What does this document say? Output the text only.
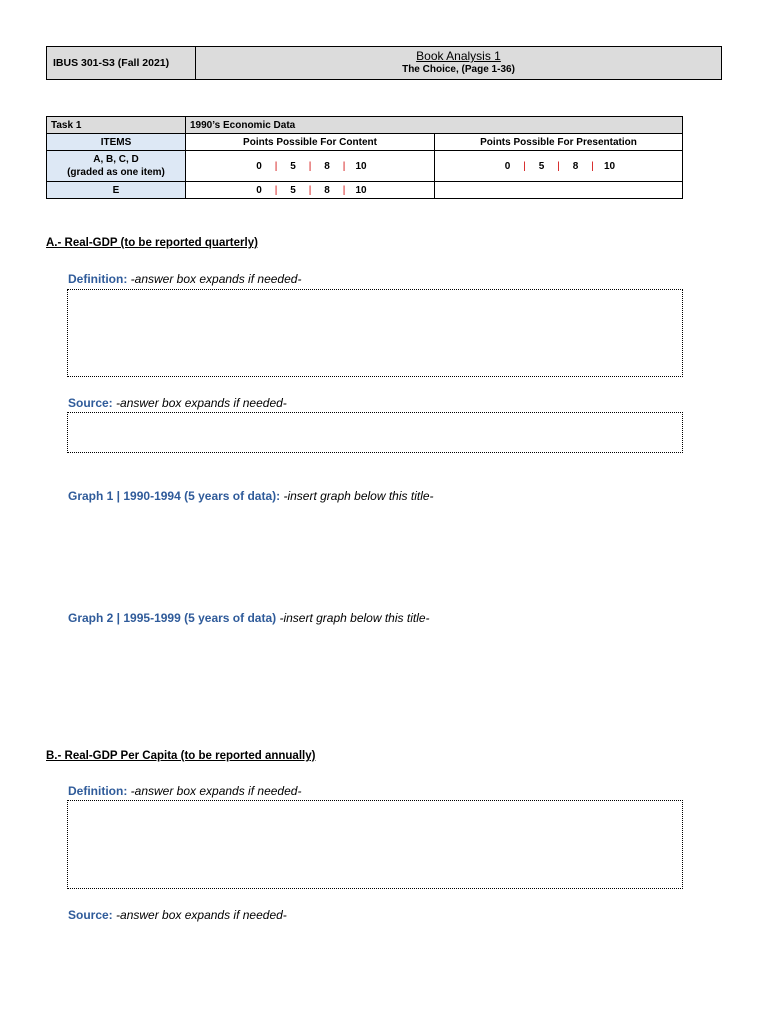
IBUS 301-S3 (Fall 2021)	Book Analysis 1
The Choice, (Page 1-36)
Task 1	1990’s Economic Data	
ITEMS	Points Possible For Content	Points Possible For Presentation
A, B, C, D
(graded as one item)	0 | 5 | 8 | 10	0 | 5 | 8 | 10
E	0 | 5 | 8 | 10	
A.- Real-GDP (to be reported quarterly)
Definition: -answer box expands if needed-
Source: -answer box expands if needed-
Graph 1 | 1990-1994 (5 years of data): -insert graph below this title-
Graph 2 | 1995-1999 (5 years of data) -insert graph below this title-
B.- Real-GDP Per Capita (to be reported annually)
Definition: -answer box expands if needed-
Source: -answer box expands if needed-
